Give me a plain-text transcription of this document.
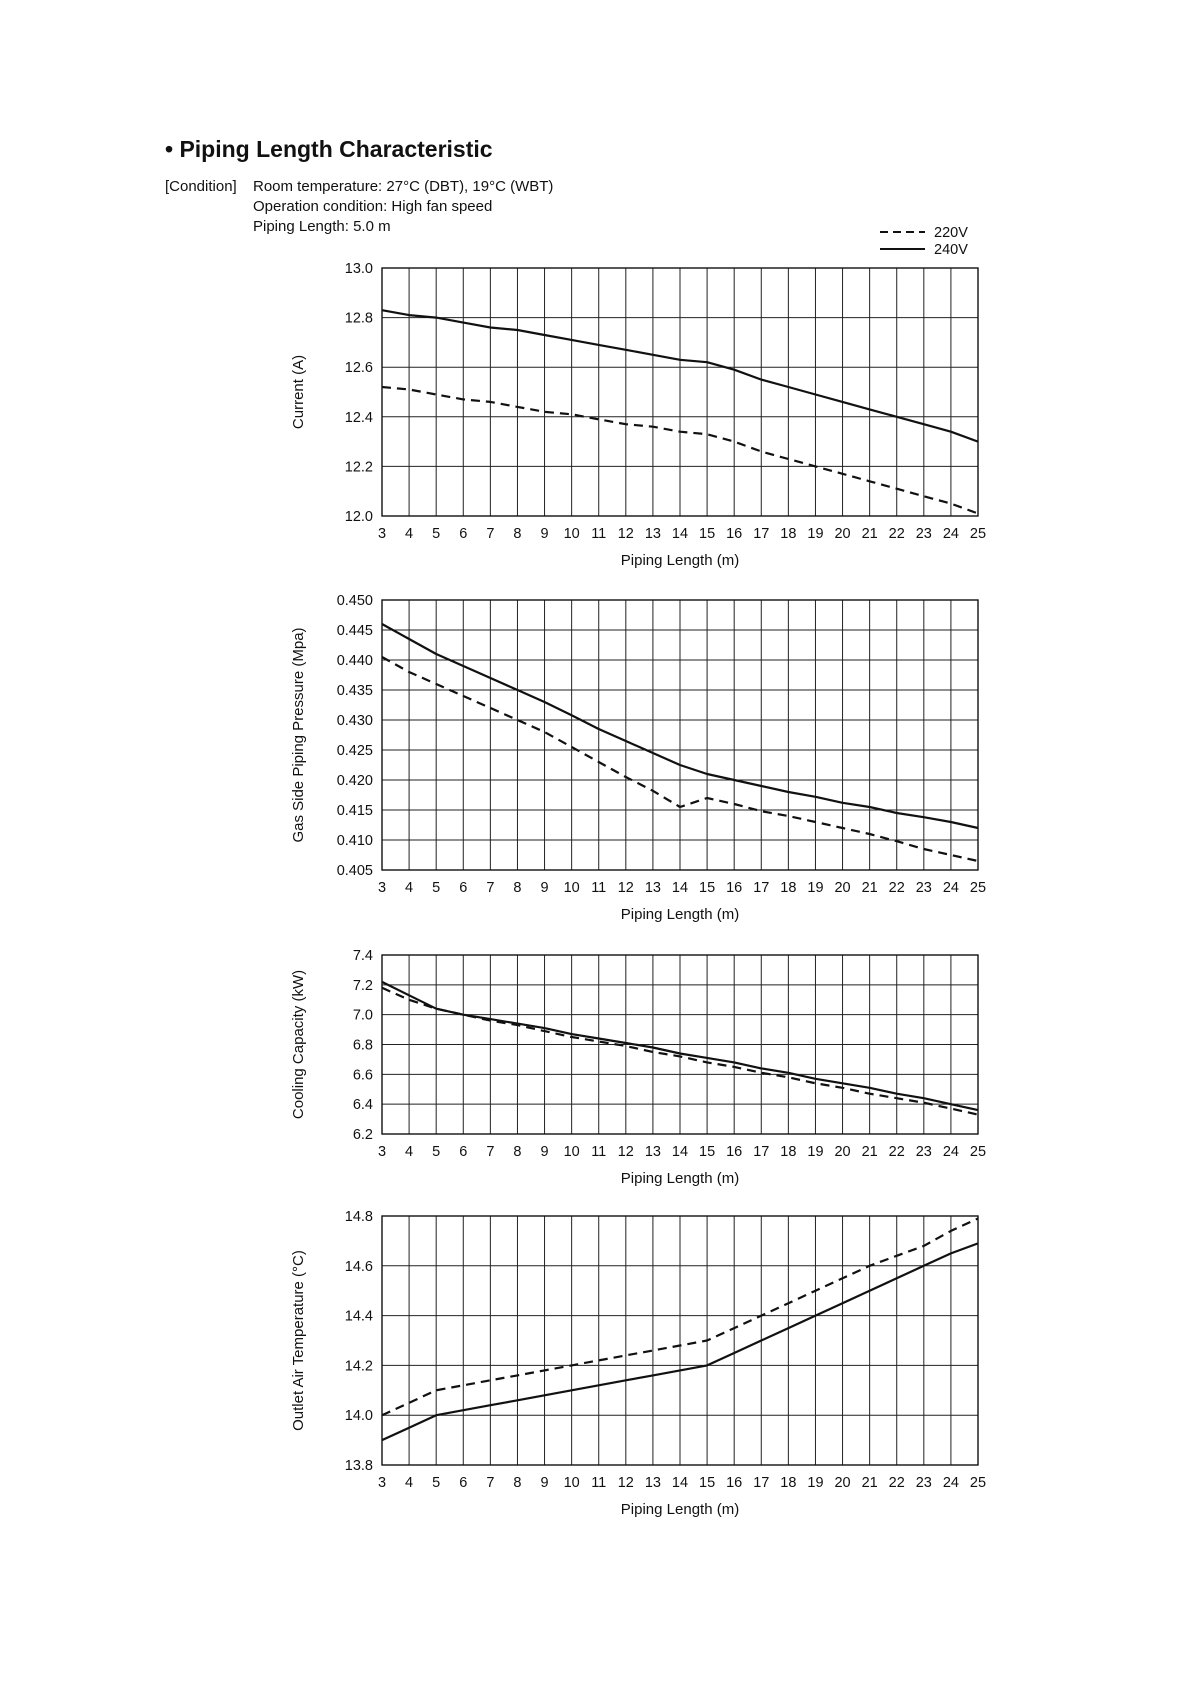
• Piping Length Characteristic
[Condition] Room temperature: 27°C (DBT), 19°C (WBT)
Operation condition: High fan speed
Piping Length: 5.0 m	220V
240V
3 4 5 6 7 8 9 10 11 12 13 14 15 16 17 18 19 20 21 22 23 24 25
12.0
12.2
12.4
12.6
12.8
13.0
Piping Length (m)
Current (A)
3 4 5 6 7 8 9 10 11 12 13 14 15 16 17 18 19 20 21 22 23 24 25
0.405
0.410
0.415
0.420
0.425
0.430
0.435
0.440
0.445
0.450
Piping Length (m)
Gas Side Piping Pressure (Mpa)
3 4 5 6 7 8 9 10 11 12 13 14 15 16 17 18 19 20 21 22 23 24 25
6.2
6.4
6.6
6.8
7.0
7.2
7.4
Piping Length (m)
Cooling Capacity (kW)
3 4 5 6 7 8 9 10 11 12 13 14 15 16 17 18 19 20 21 22 23 24 25
13.8
14.0
14.2
14.4
14.6
14.8
Piping Length (m)
Outlet Air Temperature (°C)
